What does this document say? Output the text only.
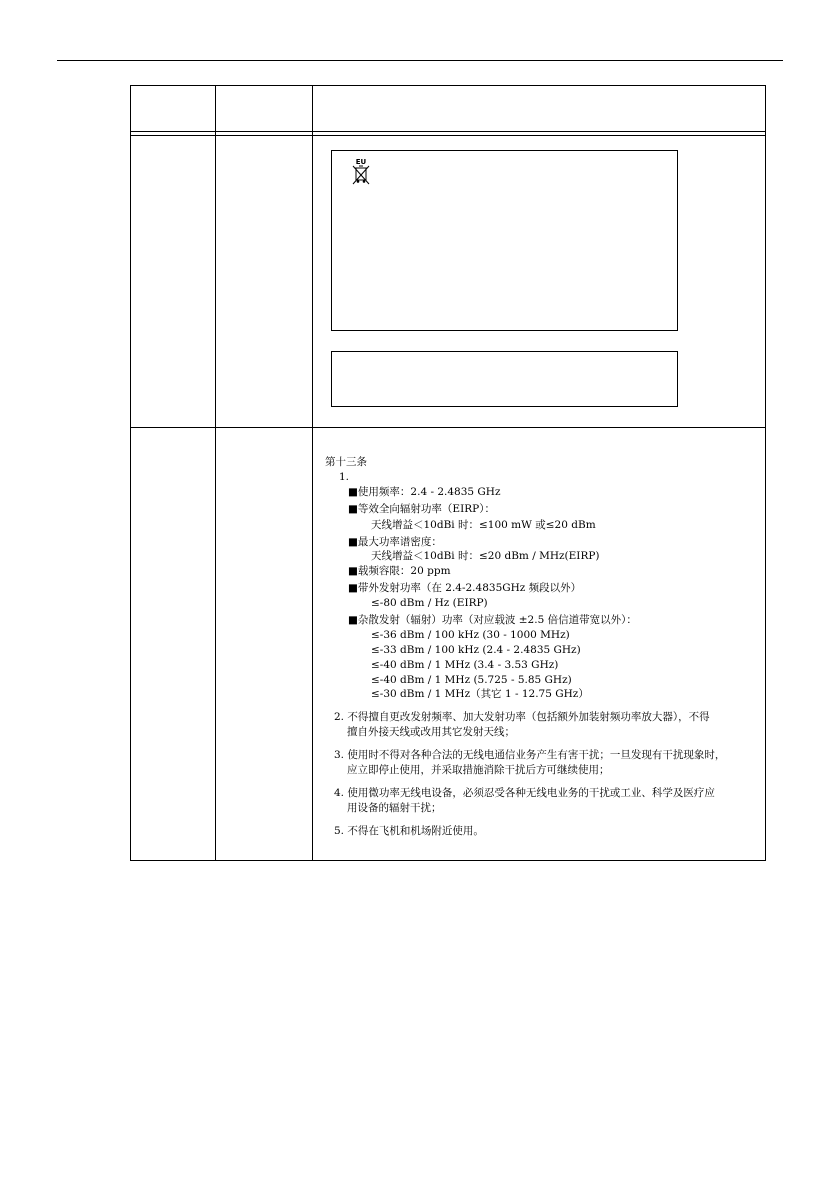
EU
第十三条
1.
■使用频率：2.4 - 2.4835 GHz
■等效全向辐射功率（EIRP）：
天线增益＜10dBi 时：≤100 mW 或≤20 dBm
■最大功率谱密度：
天线增益＜10dBi 时：≤20 dBm / MHz(EIRP)
■载频容限：20 ppm
■带外发射功率（在 2.4-2.4835GHz 频段以外）
≤-80 dBm / Hz (EIRP)
■杂散发射（辐射）功率（对应载波 ±2.5 倍信道带宽以外）：
≤-36 dBm / 100 kHz (30 - 1000 MHz)
≤-33 dBm / 100 kHz (2.4 - 2.4835 GHz)
≤-40 dBm / 1 MHz (3.4 - 3.53 GHz)
≤-40 dBm / 1 MHz (5.725 - 5.85 GHz)
≤-30 dBm / 1 MHz（其它 1 - 12.75 GHz）
2. 不得擅自更改发射频率、加大发射功率（包括额外加装射频功率放大器），不得
擅自外接天线或改用其它发射天线；
3. 使用时不得对各种合法的无线电通信业务产生有害干扰；一旦发现有干扰现象时，
应立即停止使用，并采取措施消除干扰后方可继续使用；
4. 使用微功率无线电设备，必须忍受各种无线电业务的干扰或工业、科学及医疗应
用设备的辐射干扰；
5. 不得在飞机和机场附近使用。
